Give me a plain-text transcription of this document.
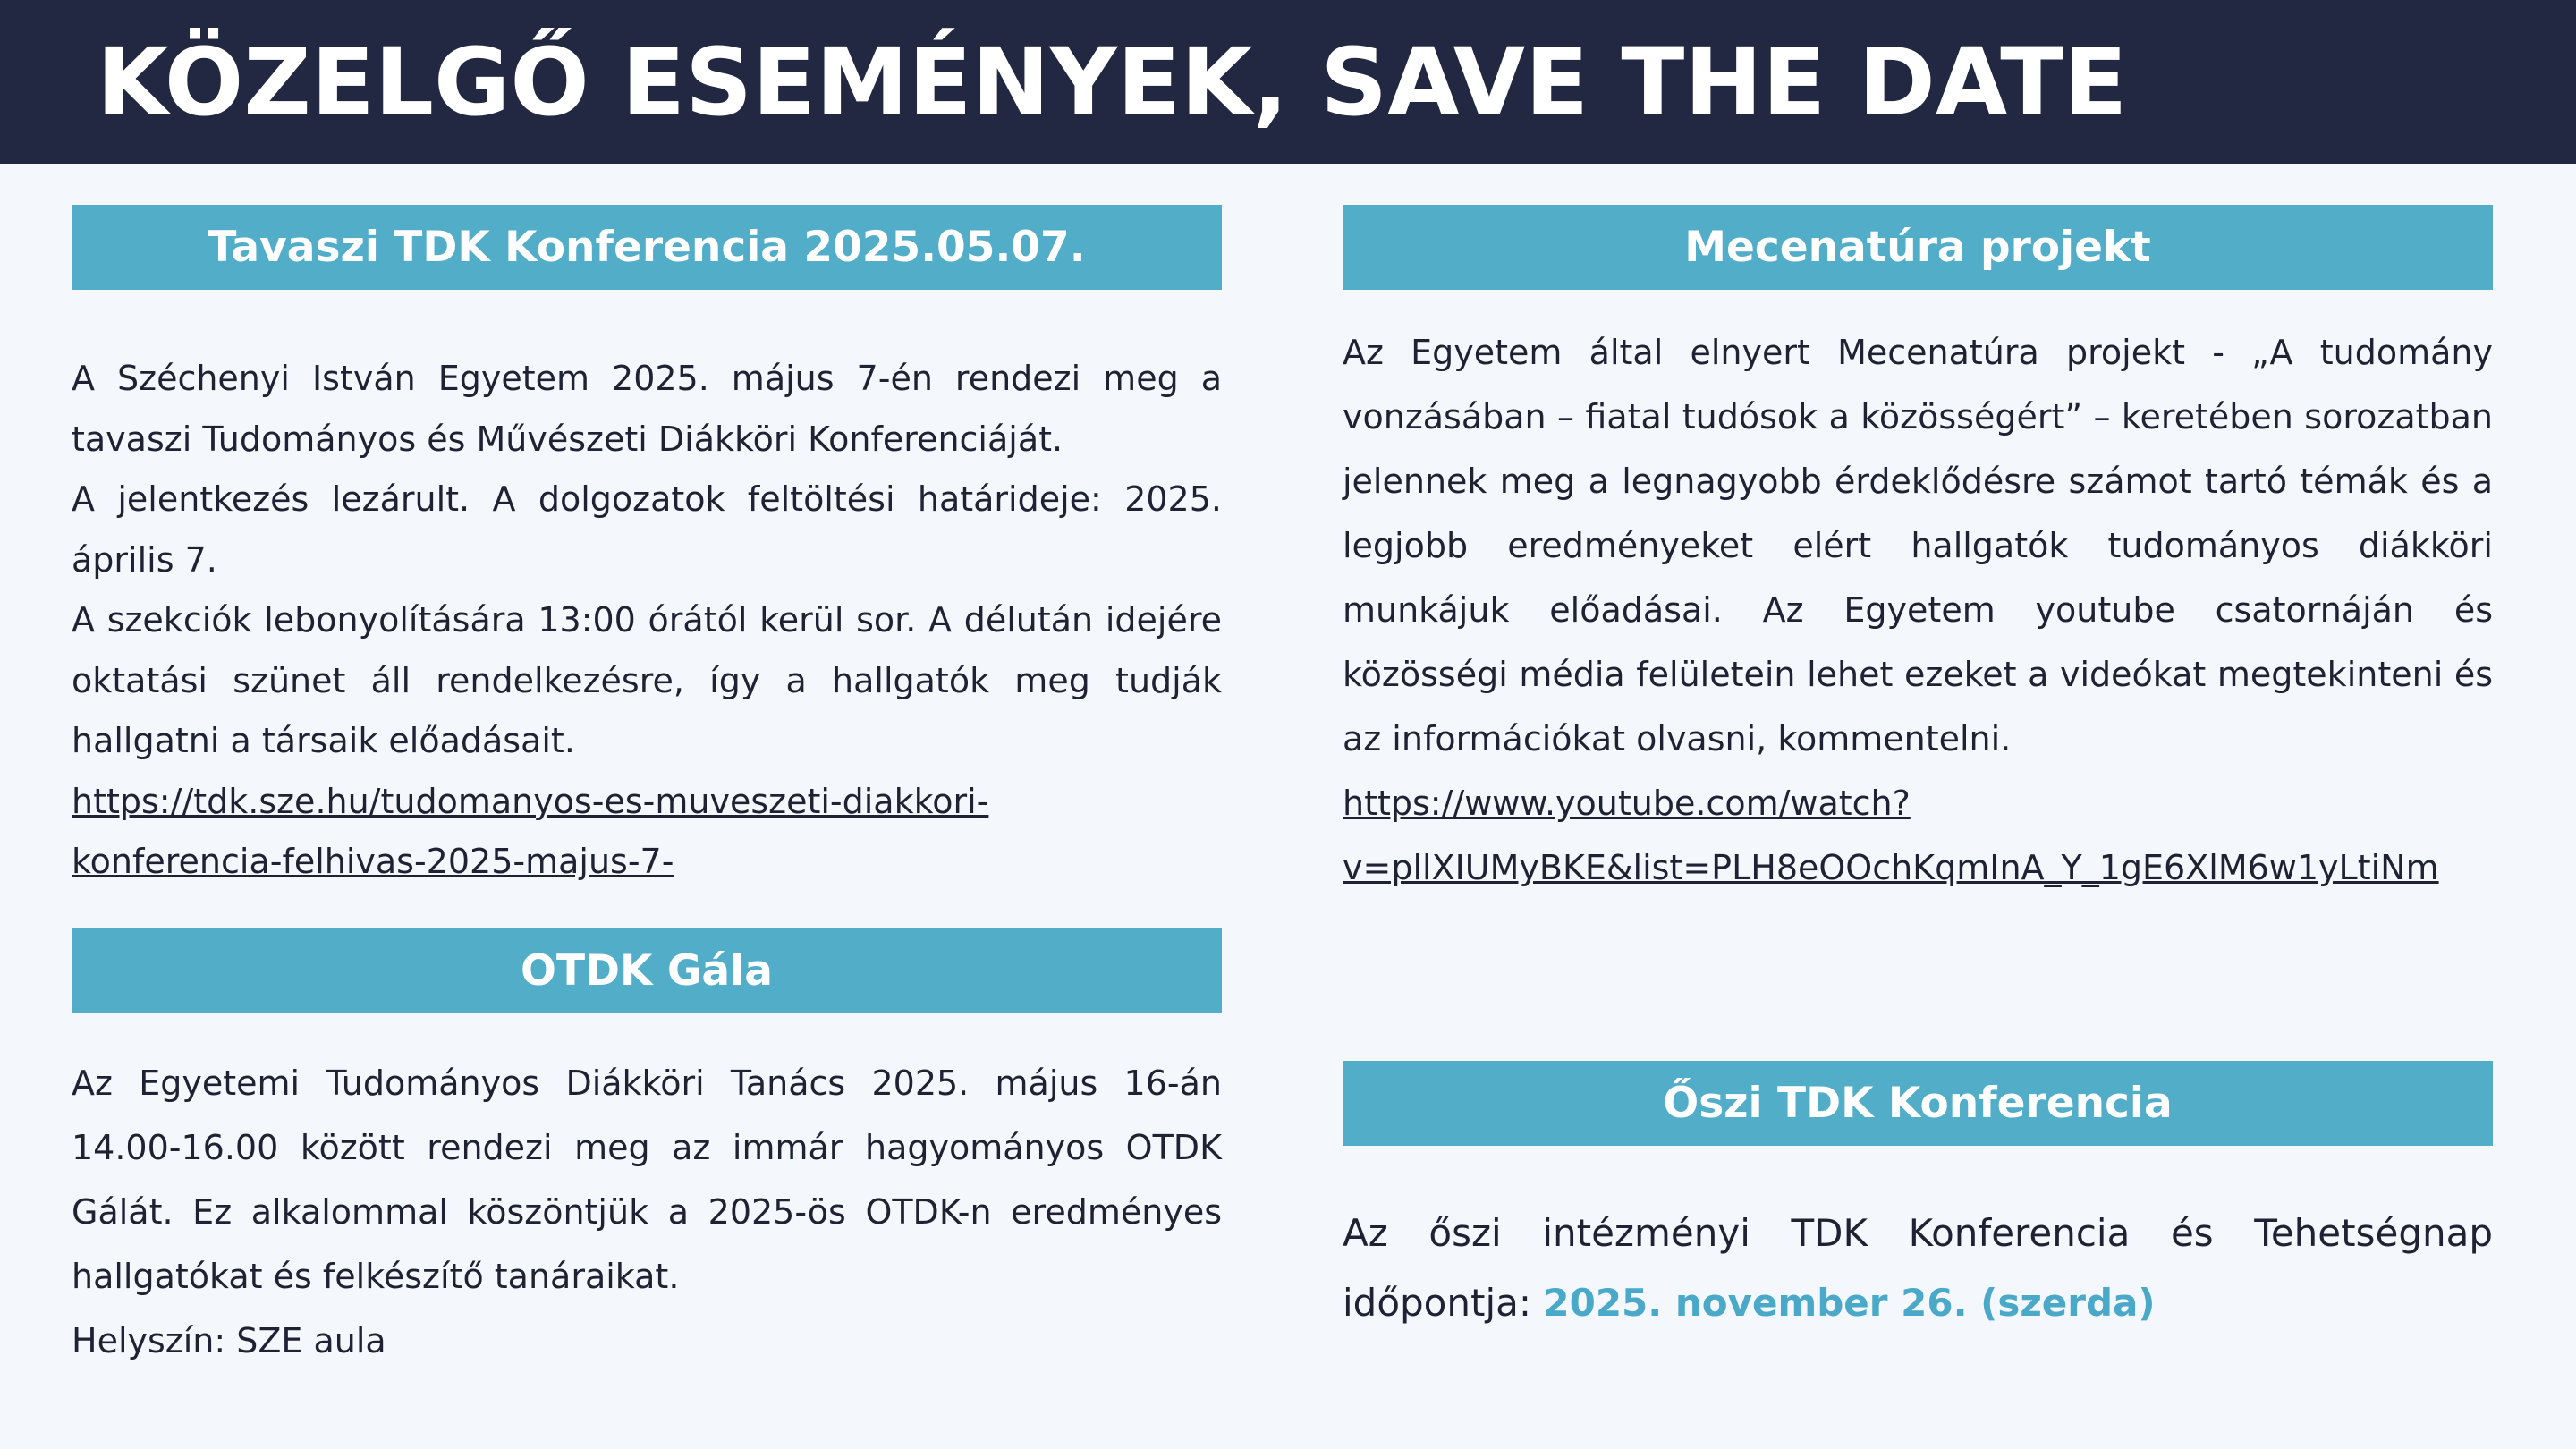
KÖZELGŐ ESEMÉNYEK, SAVE THE DATE
Tavaszi TDK Konferencia 2025.05.07.

A Széchenyi István Egyetem 2025. május 7-én rendezi meg a tavaszi Tudományos és Művészeti Diákköri Konferenciáját.

A jelentkezés lezárult. A dolgozatok feltöltési határideje: 2025. április 7.

A szekciók lebonyolítására 13:00 órától kerül sor. A délután idejére oktatási szünet áll rendelkezésre, így a hallgatók meg tudják hallgatni a társaik előadásait.

https://tdk.sze.hu/tudomanyos-es-muveszeti-diakkori-
konferencia-felhivas-2025-majus-7-
OTDK Gála

Az Egyetemi Tudományos Diákköri Tanács 2025. május 16-án 14.00-16.00 között rendezi meg az immár hagyományos OTDK Gálát. Ez alkalommal köszöntjük a 2025-ös OTDK-n eredményes hallgatókat és felkészítő tanáraikat.

Helyszín: SZE aula

Mecenatúra projekt

Az Egyetem által elnyert Mecenatúra projekt - „A tudomány vonzásában – fiatal tudósok a közösségért” – keretében sorozatban jelennek meg a legnagyobb érdeklődésre számot tartó témák és a legjobb eredményeket elért hallgatók tudományos diákköri munkájuk előadásai. Az Egyetem youtube csatornáján és közösségi média felületein lehet ezeket a videókat megtekinteni és az információkat olvasni, kommentelni.

https://www.youtube.com/watch?
v=pllXIUMyBKE&list=PLH8eOOchKqmInA_Y_1gE6XlM6w1yLtiNm
Őszi TDK Konferencia

Az őszi intézményi TDK Konferencia és Tehetségnap időpontja: 2025. november 26. (szerda)
